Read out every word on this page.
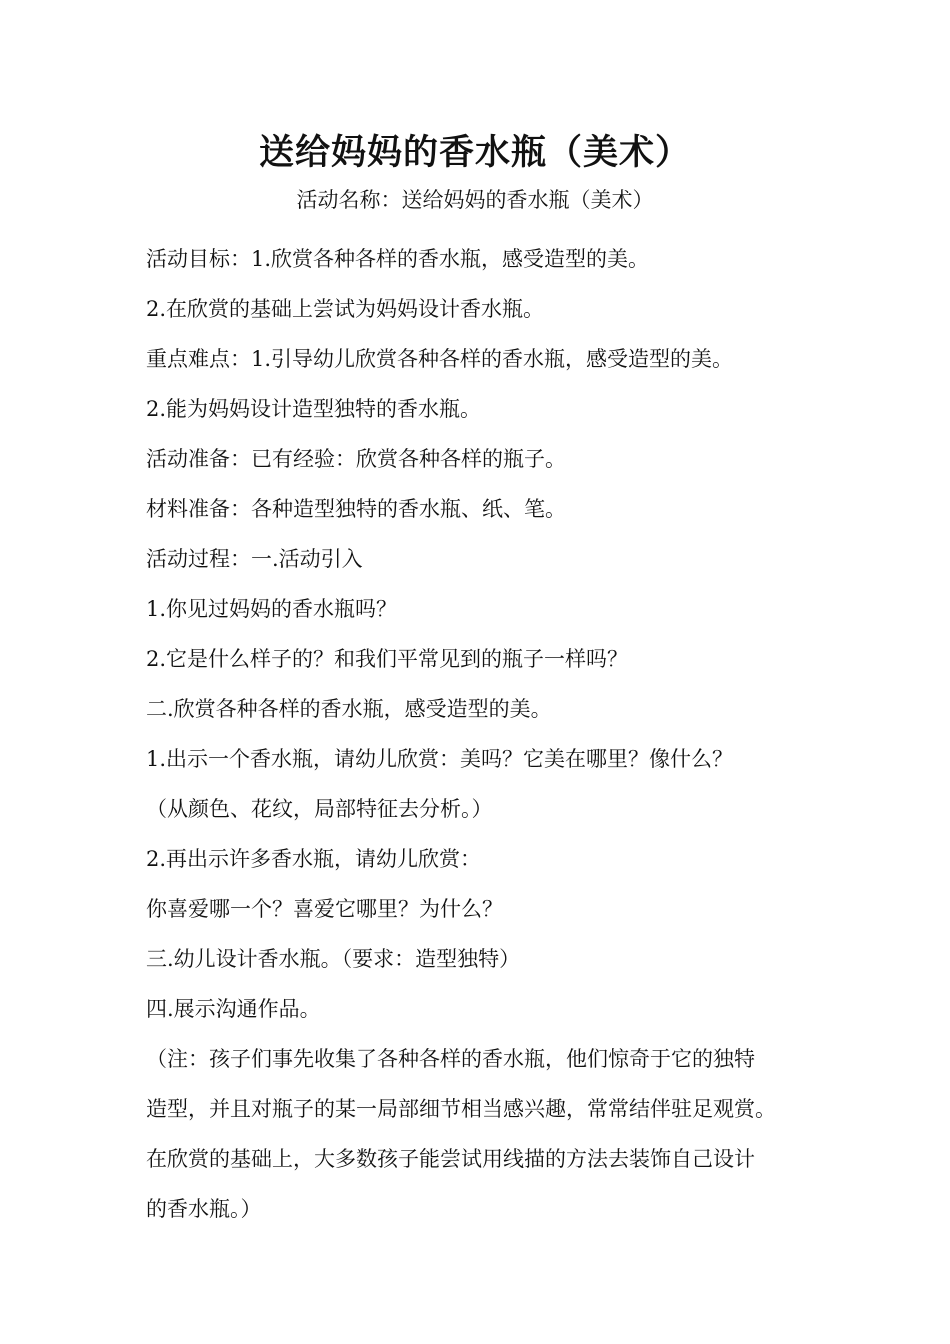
送给妈妈的香水瓶（美术）
活动名称：送给妈妈的香水瓶（美术）

活动目标：1.欣赏各种各样的香水瓶，感受造型的美。

2.在欣赏的基础上尝试为妈妈设计香水瓶。

重点难点：1.引导幼儿欣赏各种各样的香水瓶，感受造型的美。

2.能为妈妈设计造型独特的香水瓶。

活动准备：已有经验：欣赏各种各样的瓶子。

材料准备：各种造型独特的香水瓶、纸、笔。

活动过程：一.活动引入

1.你见过妈妈的香水瓶吗？

2.它是什么样子的？和我们平常见到的瓶子一样吗？

二.欣赏各种各样的香水瓶，感受造型的美。

1.出示一个香水瓶，请幼儿欣赏：美吗？它美在哪里？像什么？

（从颜色、花纹，局部特征去分析。）

2.再出示许多香水瓶，请幼儿欣赏：

你喜爱哪一个？喜爱它哪里？为什么？

三.幼儿设计香水瓶。（要求：造型独特）

四.展示沟通作品。

（注：孩子们事先收集了各种各样的香水瓶，他们惊奇于它的独特

造型，并且对瓶子的某一局部细节相当感兴趣，常常结伴驻足观赏。

在欣赏的基础上，大多数孩子能尝试用线描的方法去装饰自己设计

的香水瓶。）
